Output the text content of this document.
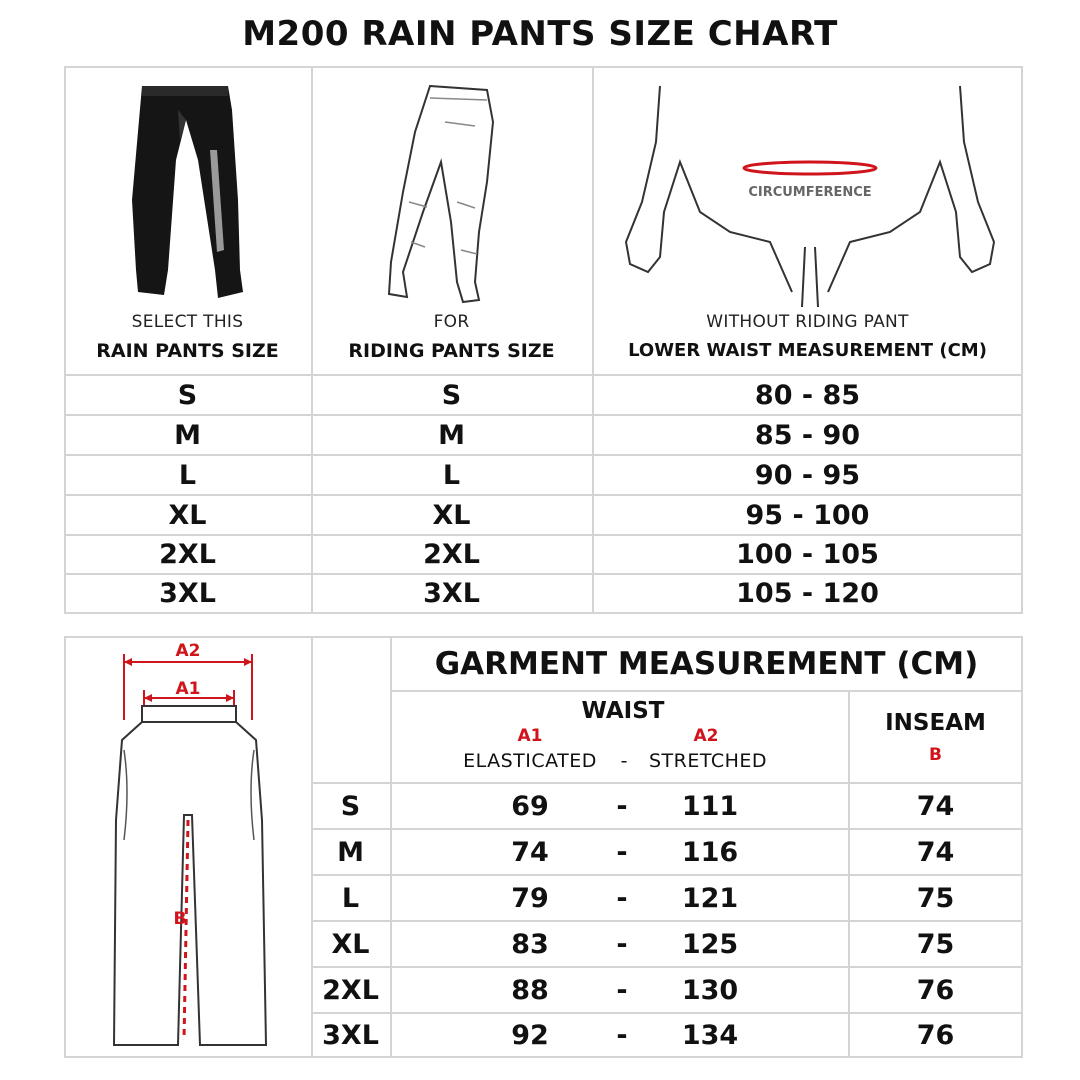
M200 RAIN PANTS SIZE CHART
CIRCUMFERENCE
SELECT THIS
RAIN PANTS SIZE
FOR
RIDING PANTS SIZE
WITHOUT RIDING PANT
LOWER WAIST MEASUREMENT (CM)
S	S	80 - 85
M	M	85 - 90
L	L	90 - 95
XL	XL	95 - 100
2XL	2XL	100 - 105
3XL	3XL	105 - 120
A2
A1
B
GARMENT MEASUREMENT (CM)
WAIST
A1	A2
ELASTICATED	-	STRETCHED
INSEAM
B
S	69	-	111	74
M	74	-	116	74
L	79	-	121	75
XL	83	-	125	75
2XL	88	-	130	76
3XL	92	-	134	76
